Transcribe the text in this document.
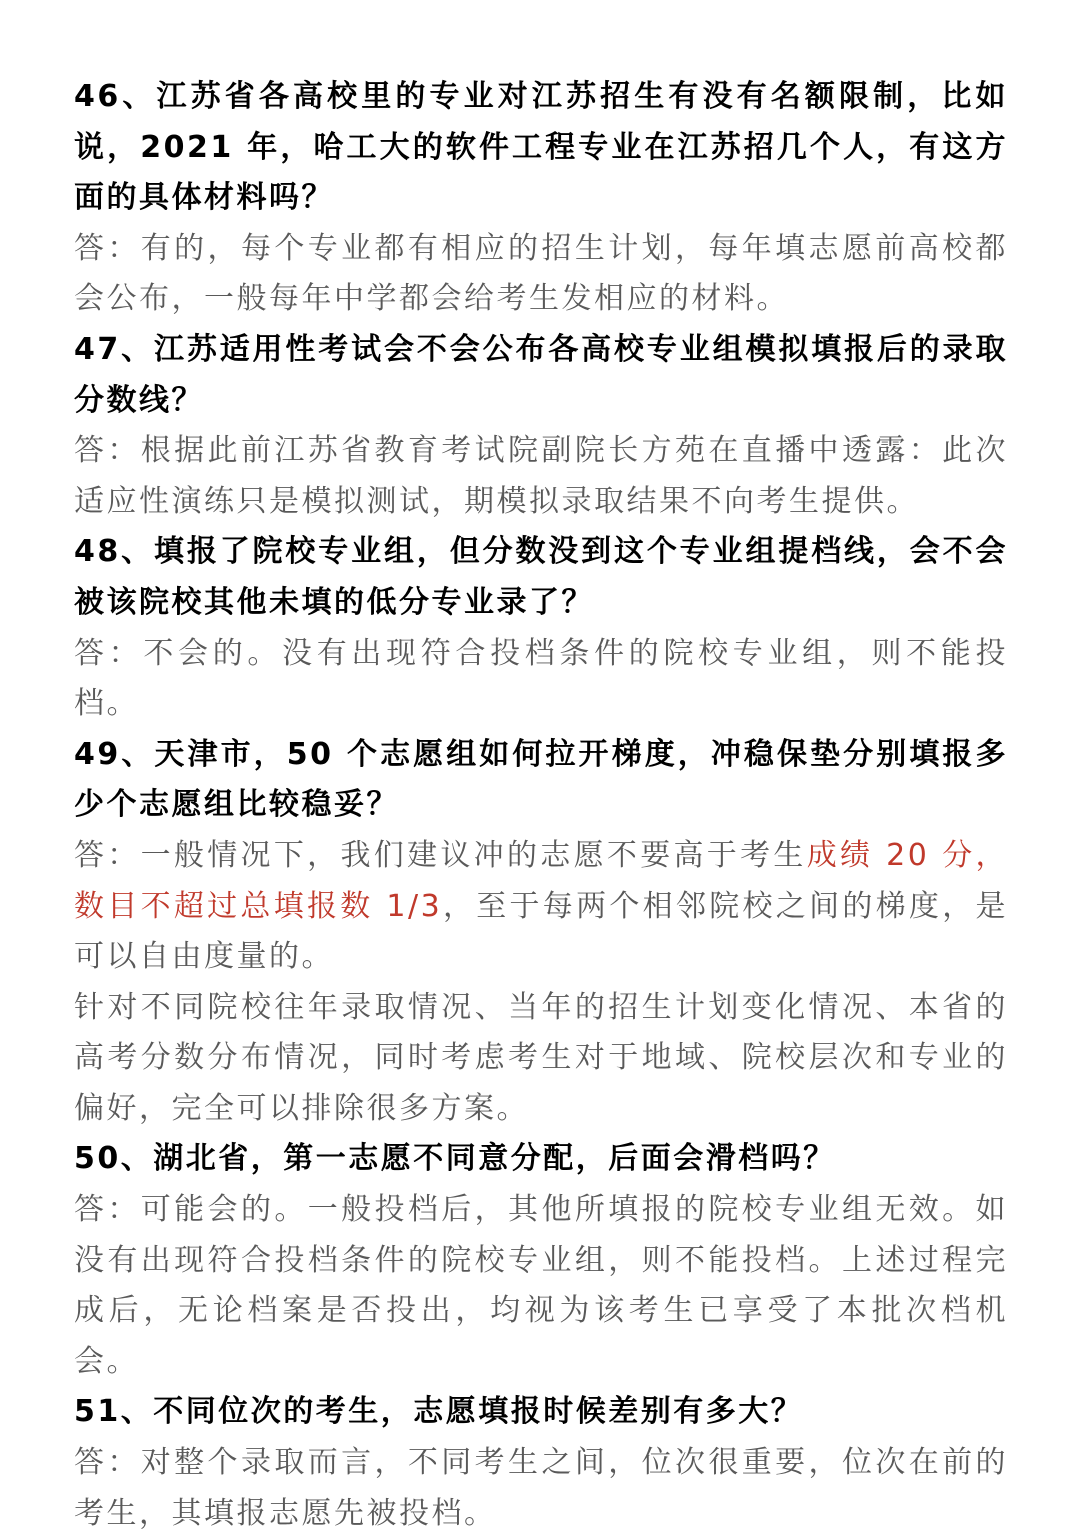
46、江苏省各高校里的专业对江苏招生有没有名额限制，比如说，2021 年，哈工大的软件工程专业在江苏招几个人，有这方面的具体材料吗？

答：有的，每个专业都有相应的招生计划，每年填志愿前高校都会公布，一般每年中学都会给考生发相应的材料。

47、江苏适用性考试会不会公布各高校专业组模拟填报后的录取分数线？

答：根据此前江苏省教育考试院副院长方苑在直播中透露：此次适应性演练只是模拟测试，期模拟录取结果不向考生提供。

48、填报了院校专业组，但分数没到这个专业组提档线，会不会被该院校其他未填的低分专业录了？

答：不会的。没有出现符合投档条件的院校专业组，则不能投档。

49、天津市，50 个志愿组如何拉开梯度，冲稳保垫分别填报多少个志愿组比较稳妥？

答：一般情况下，我们建议冲的志愿不要高于考生成绩 20 分，数目不超过总填报数 1/3，至于每两个相邻院校之间的梯度，是可以自由度量的。

针对不同院校往年录取情况、当年的招生计划变化情况、本省的高考分数分布情况，同时考虑考生对于地域、院校层次和专业的偏好，完全可以排除很多方案。

50、湖北省，第一志愿不同意分配，后面会滑档吗？

答：可能会的。一般投档后，其他所填报的院校专业组无效。如没有出现符合投档条件的院校专业组，则不能投档。上述过程完成后，无论档案是否投出，均视为该考生已享受了本批次档机会。

51、不同位次的考生，志愿填报时候差别有多大？

答：对整个录取而言，不同考生之间，位次很重要，位次在前的考生，其填报志愿先被投档。
